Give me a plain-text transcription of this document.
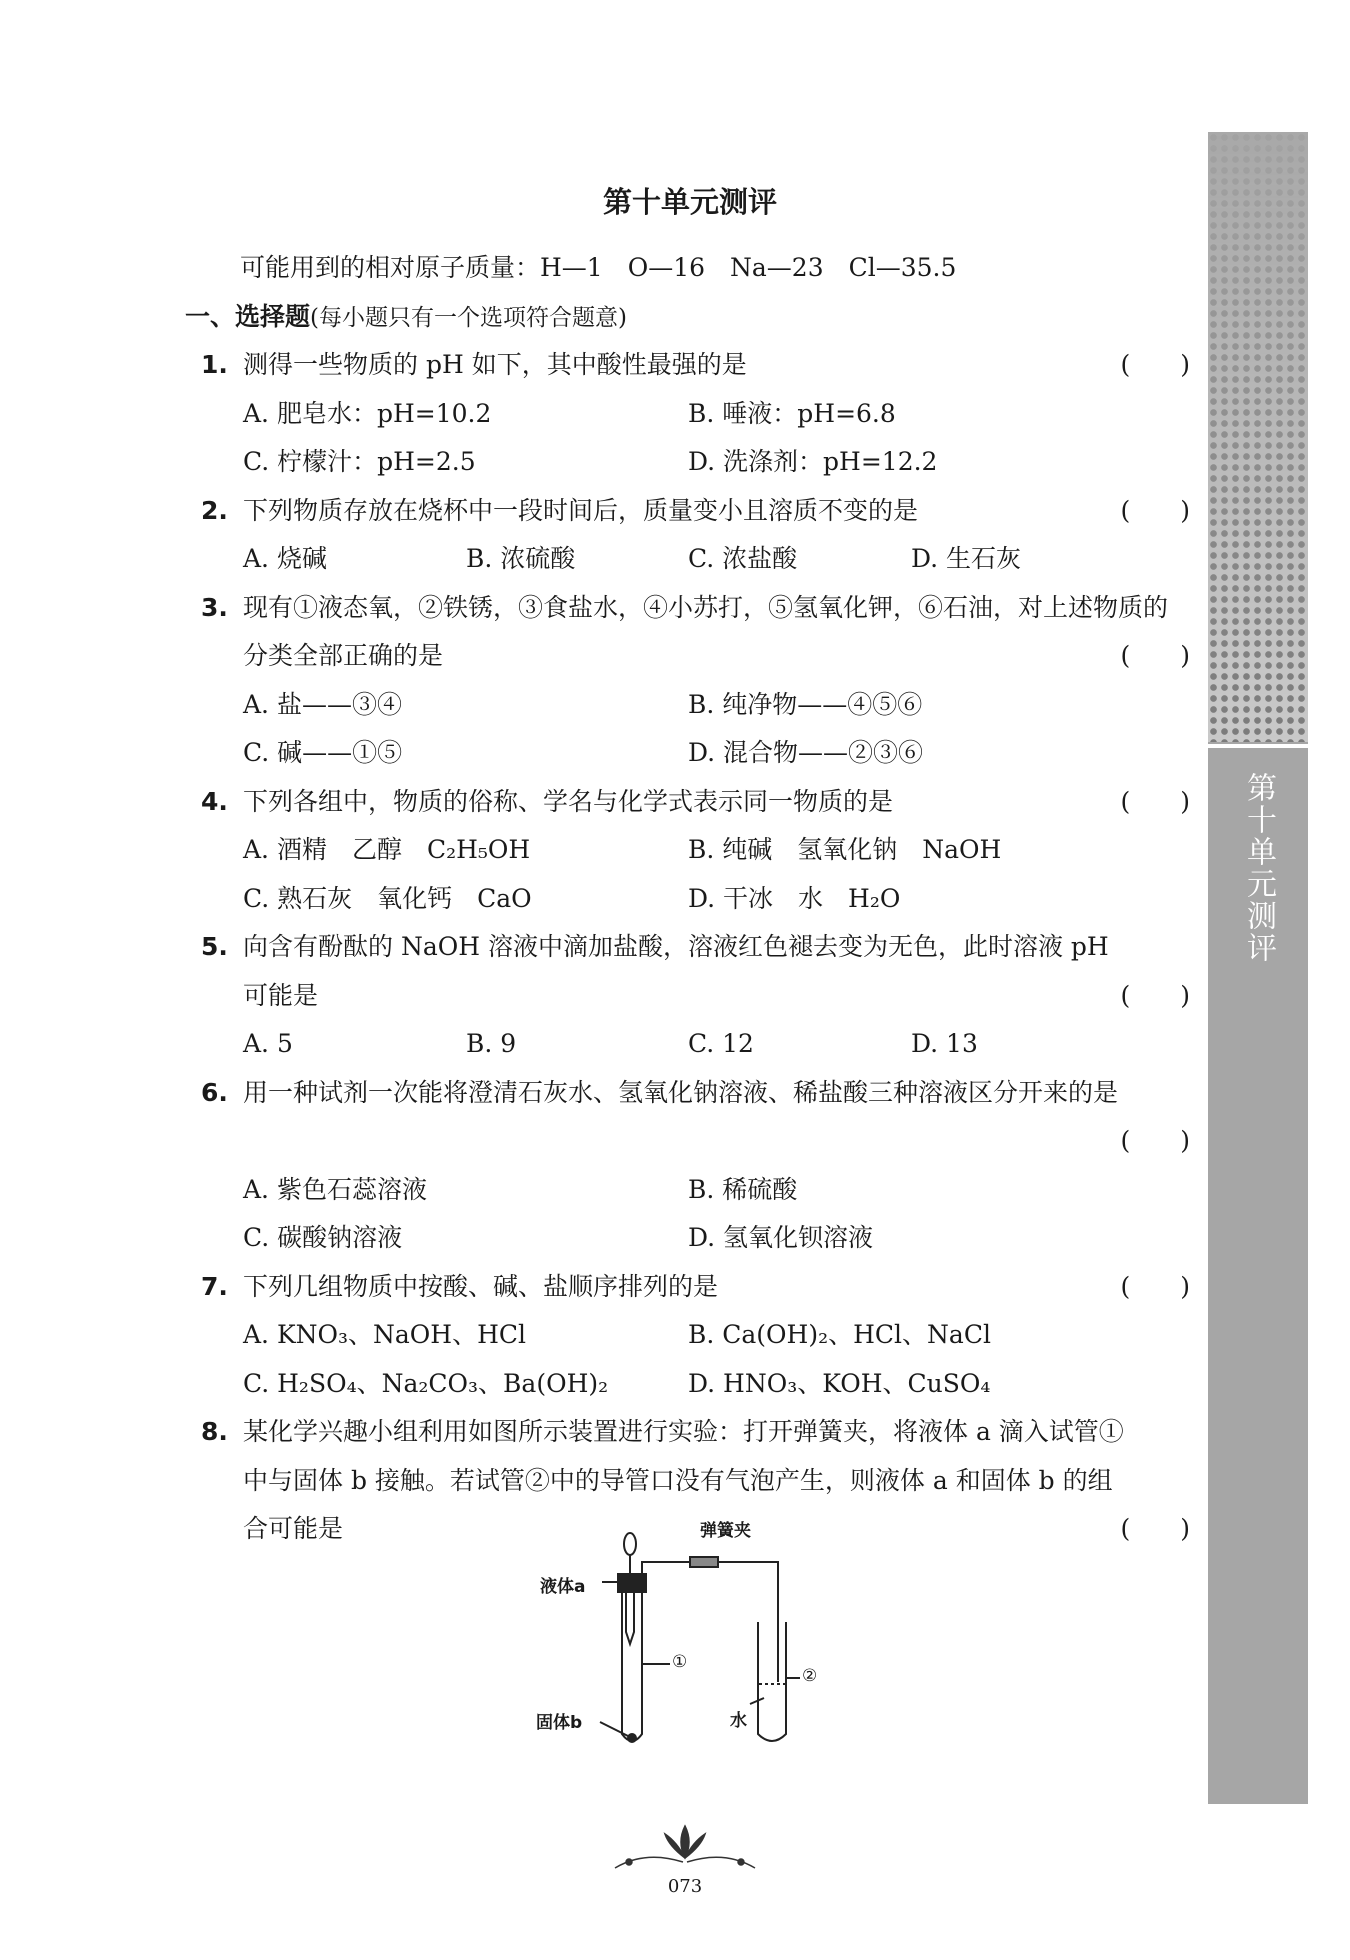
第十单元测评
第十单元测评
可能用到的相对原子质量：H—1　O—16　Na—23　Cl—35.5
一、选择题(每小题只有一个选项符合题意)
1. 测得一些物质的 pH 如下，其中酸性最强的是	(　　)
A. 肥皂水：pH=10.2	B. 唾液：pH=6.8
C. 柠檬汁：pH=2.5	D. 洗涤剂：pH=12.2
2. 下列物质存放在烧杯中一段时间后，质量变小且溶质不变的是	(　　)
A. 烧碱	B. 浓硫酸	C. 浓盐酸	D. 生石灰
3. 现有①液态氧，②铁锈，③食盐水，④小苏打，⑤氢氧化钾，⑥石油，对上述物质的
分类全部正确的是	(　　)
A. 盐——③④	B. 纯净物——④⑤⑥
C. 碱——①⑤	D. 混合物——②③⑥
4. 下列各组中，物质的俗称、学名与化学式表示同一物质的是	(　　)
A. 酒精　乙醇　C₂H₅OH	B. 纯碱　氢氧化钠　NaOH
C. 熟石灰　氧化钙　CaO	D. 干冰　水　H₂O
5. 向含有酚酞的 NaOH 溶液中滴加盐酸，溶液红色褪去变为无色，此时溶液 pH
可能是	(　　)
A. 5	B. 9	C. 12	D. 13
6. 用一种试剂一次能将澄清石灰水、氢氧化钠溶液、稀盐酸三种溶液区分开来的是
(　　)
A. 紫色石蕊溶液	B. 稀硫酸
C. 碳酸钠溶液	D. 氢氧化钡溶液
7. 下列几组物质中按酸、碱、盐顺序排列的是	(　　)
A. KNO₃、NaOH、HCl	B. Ca(OH)₂、HCl、NaCl
C. H₂SO₄、Na₂CO₃、Ba(OH)₂	D. HNO₃、KOH、CuSO₄
8. 某化学兴趣小组利用如图所示装置进行实验：打开弹簧夹，将液体 a 滴入试管①
中与固体 b 接触。若试管②中的导管口没有气泡产生，则液体 a 和固体 b 的组
合可能是	(　　)
弹簧夹
液体a
固体b	水
①
②
073
